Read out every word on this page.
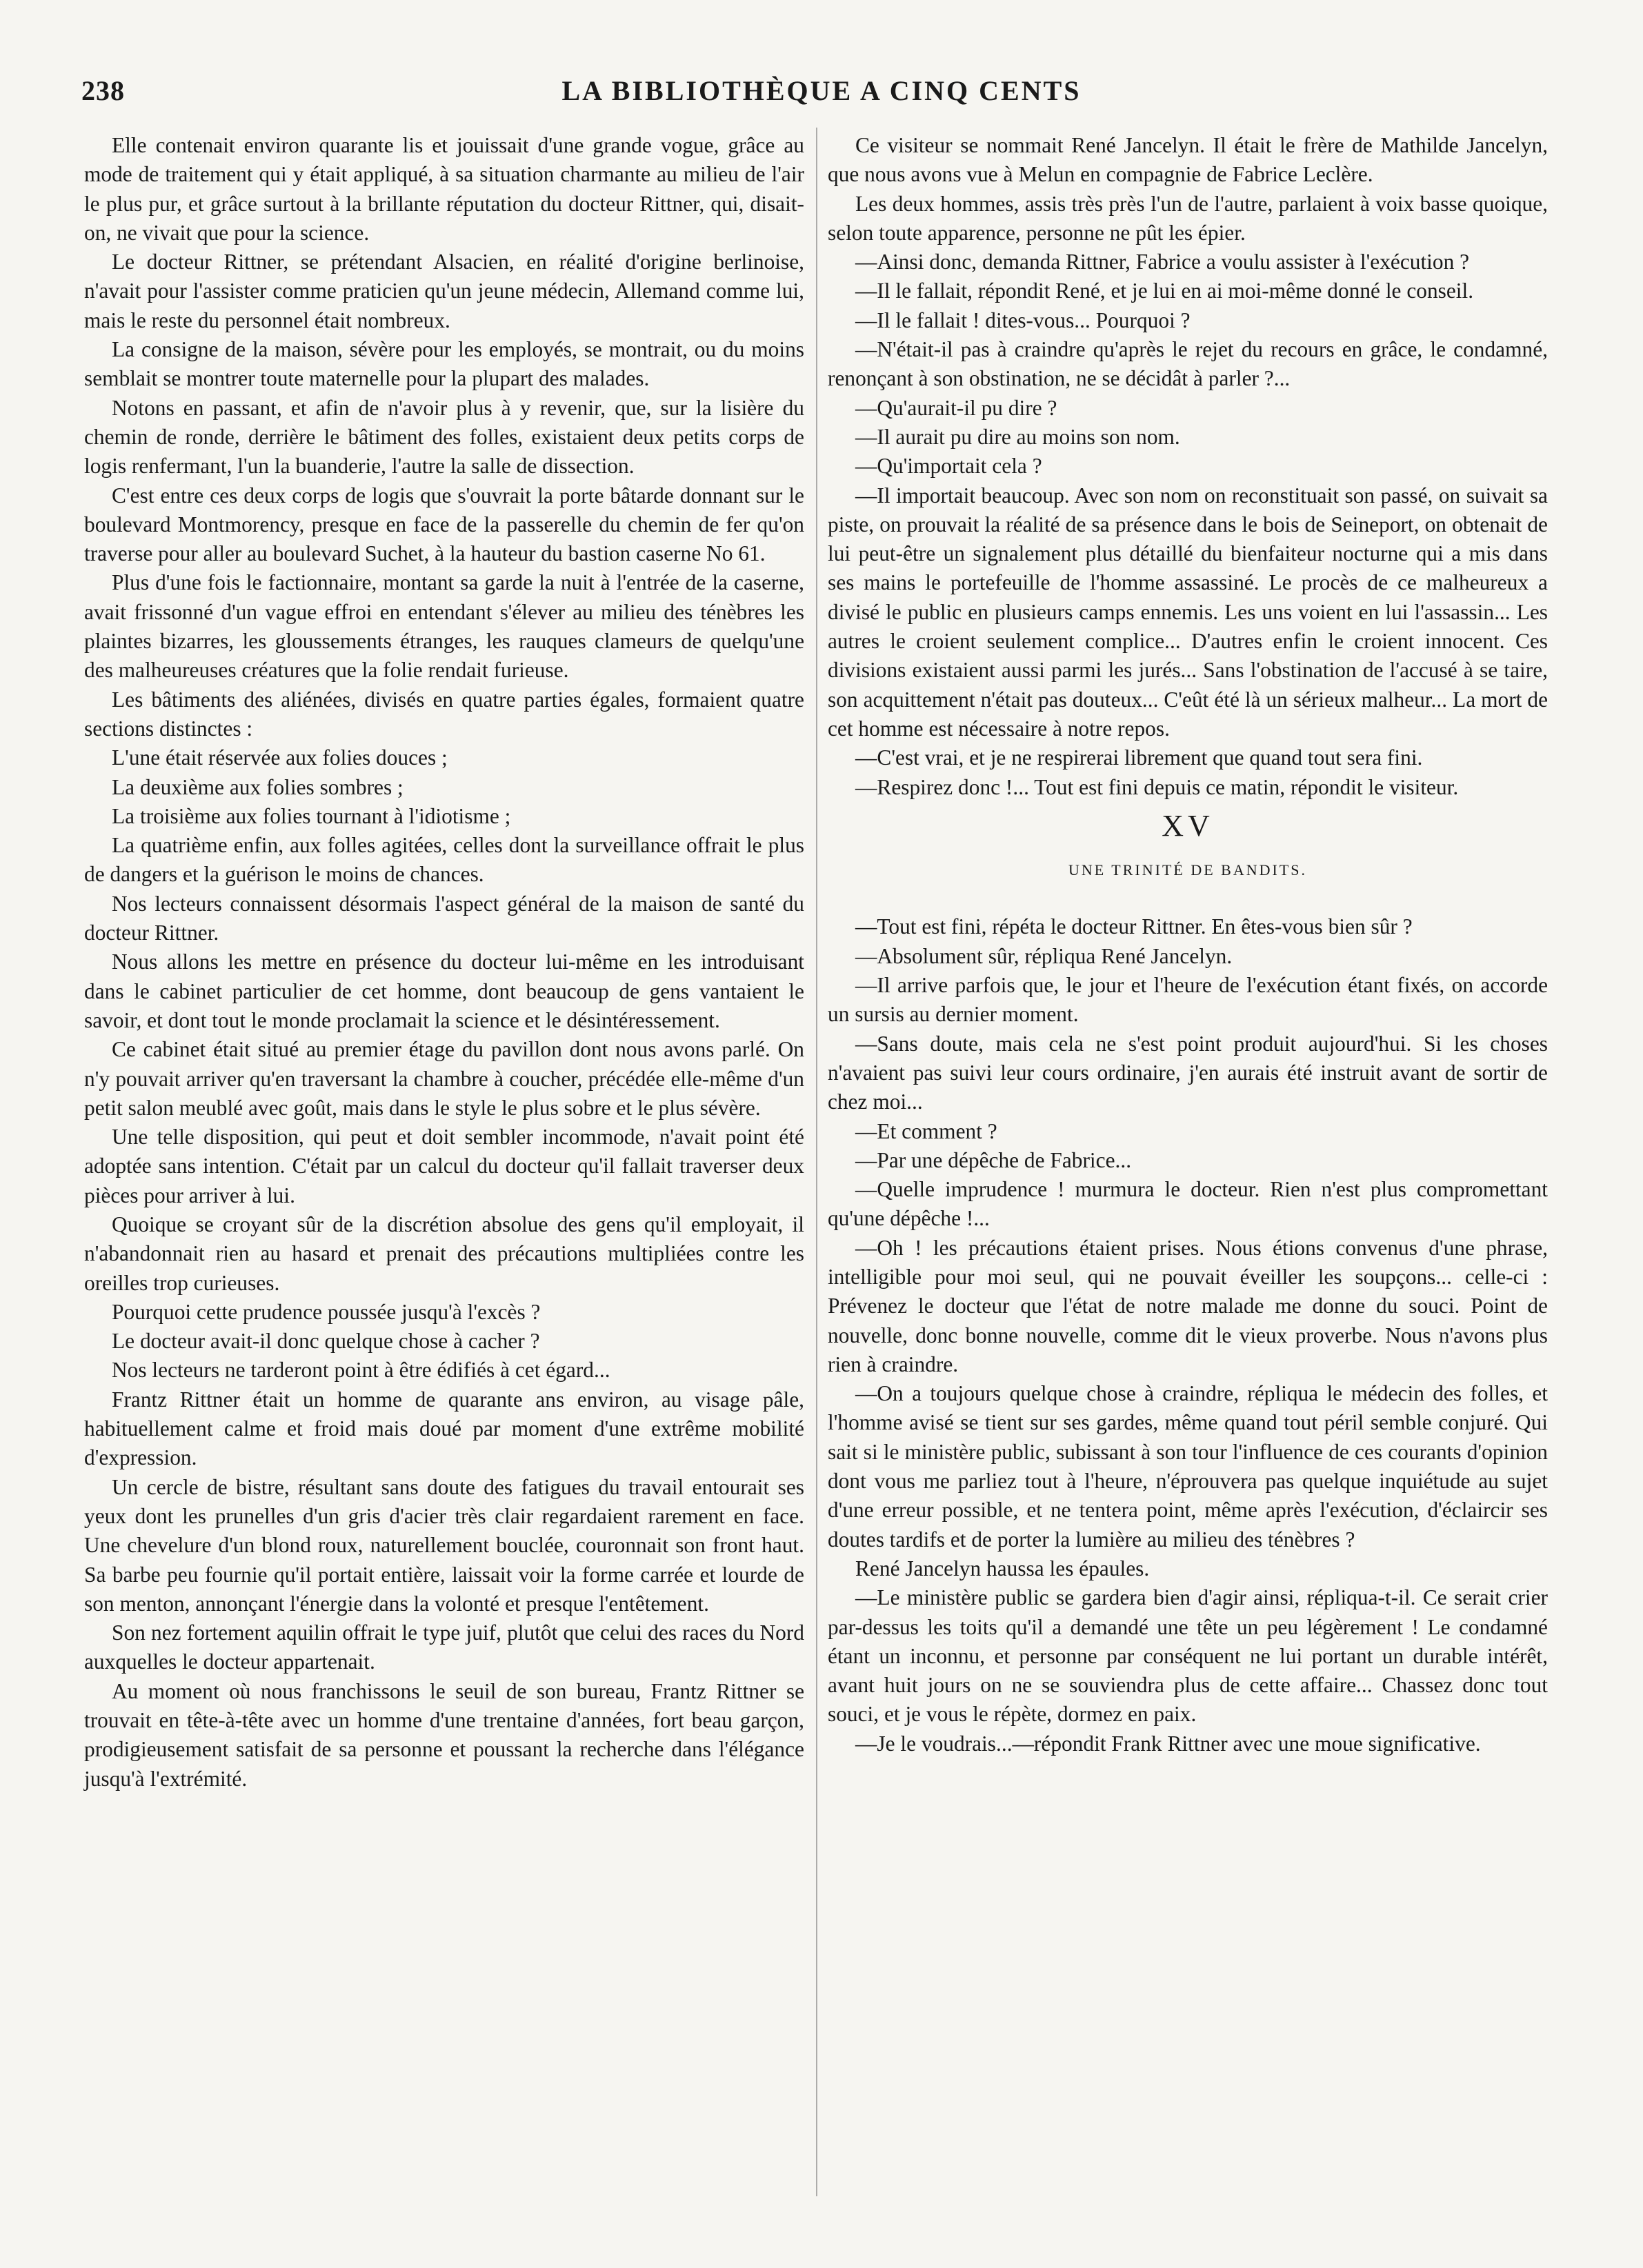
238	LA BIBLIOTHÈQUE A CINQ CENTS

Elle contenait environ quarante lis et jouissait d'une grande vogue, grâce au mode de traitement qui y était appliqué, à sa situation charmante au milieu de l'air le plus pur, et grâce surtout à la brillante réputation du docteur Rittner, qui, disait-on, ne vivait que pour la science.

Le docteur Rittner, se prétendant Alsacien, en réalité d'origine berlinoise, n'avait pour l'assister comme praticien qu'un jeune médecin, Allemand comme lui, mais le reste du personnel était nombreux.

La consigne de la maison, sévère pour les employés, se montrait, ou du moins semblait se montrer toute maternelle pour la plupart des malades.

Notons en passant, et afin de n'avoir plus à y revenir, que, sur la lisière du chemin de ronde, derrière le bâtiment des folles, existaient deux petits corps de logis renfermant, l'un la buanderie, l'autre la salle de dissection.

C'est entre ces deux corps de logis que s'ouvrait la porte bâtarde donnant sur le boulevard Montmorency, presque en face de la passerelle du chemin de fer qu'on traverse pour aller au boulevard Suchet, à la hauteur du bastion caserne No 61.

Plus d'une fois le factionnaire, montant sa garde la nuit à l'entrée de la caserne, avait frissonné d'un vague effroi en entendant s'élever au milieu des ténèbres les plaintes bizarres, les gloussements étranges, les rauques clameurs de quelqu'une des malheureuses créatures que la folie rendait furieuse.

Les bâtiments des aliénées, divisés en quatre parties égales, formaient quatre sections distinctes :

L'une était réservée aux folies douces ;

La deuxième aux folies sombres ;

La troisième aux folies tournant à l'idiotisme ;

La quatrième enfin, aux folles agitées, celles dont la surveillance offrait le plus de dangers et la guérison le moins de chances.

Nos lecteurs connaissent désormais l'aspect général de la maison de santé du docteur Rittner.

Nous allons les mettre en présence du docteur lui-même en les introduisant dans le cabinet particulier de cet homme, dont beaucoup de gens vantaient le savoir, et dont tout le monde proclamait la science et le désintéressement.

Ce cabinet était situé au premier étage du pavillon dont nous avons parlé. On n'y pouvait arriver qu'en traversant la chambre à coucher, précédée elle-même d'un petit salon meublé avec goût, mais dans le style le plus sobre et le plus sévère.

Une telle disposition, qui peut et doit sembler incommode, n'avait point été adoptée sans intention. C'était par un calcul du docteur qu'il fallait traverser deux pièces pour arriver à lui.

Quoique se croyant sûr de la discrétion absolue des gens qu'il employait, il n'abandonnait rien au hasard et prenait des précautions multipliées contre les oreilles trop curieuses.

Pourquoi cette prudence poussée jusqu'à l'excès ?

Le docteur avait-il donc quelque chose à cacher ?

Nos lecteurs ne tarderont point à être édifiés à cet égard...

Frantz Rittner était un homme de quarante ans environ, au visage pâle, habituellement calme et froid mais doué par moment d'une extrême mobilité d'expression.

Un cercle de bistre, résultant sans doute des fatigues du travail entourait ses yeux dont les prunelles d'un gris d'acier très clair regardaient rarement en face. Une chevelure d'un blond roux, naturellement bouclée, couronnait son front haut. Sa barbe peu fournie qu'il portait entière, laissait voir la forme carrée et lourde de son menton, annonçant l'énergie dans la volonté et presque l'entêtement.

Son nez fortement aquilin offrait le type juif, plutôt que celui des races du Nord auxquelles le docteur appartenait.

Au moment où nous franchissons le seuil de son bureau, Frantz Rittner se trouvait en tête-à-tête avec un homme d'une trentaine d'années, fort beau garçon, prodigieusement satisfait de sa personne et poussant la recherche dans l'élégance jusqu'à l'extrémité.

Ce visiteur se nommait René Jancelyn. Il était le frère de Mathilde Jancelyn, que nous avons vue à Melun en compagnie de Fabrice Leclère.

Les deux hommes, assis très près l'un de l'autre, parlaient à voix basse quoique, selon toute apparence, personne ne pût les épier.

—Ainsi donc, demanda Rittner, Fabrice a voulu assister à l'exécution ?

—Il le fallait, répondit René, et je lui en ai moi-même donné le conseil.

—Il le fallait ! dites-vous... Pourquoi ?

—N'était-il pas à craindre qu'après le rejet du recours en grâce, le condamné, renonçant à son obstination, ne se décidât à parler ?...

—Qu'aurait-il pu dire ?

—Il aurait pu dire au moins son nom.

—Qu'importait cela ?

—Il importait beaucoup. Avec son nom on reconstituait son passé, on suivait sa piste, on prouvait la réalité de sa présence dans le bois de Seineport, on obtenait de lui peut-être un signalement plus détaillé du bienfaiteur nocturne qui a mis dans ses mains le portefeuille de l'homme assassiné. Le procès de ce malheureux a divisé le public en plusieurs camps ennemis. Les uns voient en lui l'assassin... Les autres le croient seulement complice... D'autres enfin le croient innocent. Ces divisions existaient aussi parmi les jurés... Sans l'obstination de l'accusé à se taire, son acquittement n'était pas douteux... C'eût été là un sérieux malheur... La mort de cet homme est nécessaire à notre repos.

—C'est vrai, et je ne respirerai librement que quand tout sera fini.

—Respirez donc !... Tout est fini depuis ce matin, répondit le visiteur.

XV

UNE TRINITÉ DE BANDITS.

—Tout est fini, répéta le docteur Rittner. En êtes-vous bien sûr ?

—Absolument sûr, répliqua René Jancelyn.

—Il arrive parfois que, le jour et l'heure de l'exécution étant fixés, on accorde un sursis au dernier moment.

—Sans doute, mais cela ne s'est point produit aujourd'hui. Si les choses n'avaient pas suivi leur cours ordinaire, j'en aurais été instruit avant de sortir de chez moi...

—Et comment ?

—Par une dépêche de Fabrice...

—Quelle imprudence ! murmura le docteur. Rien n'est plus compromettant qu'une dépêche !...

—Oh ! les précautions étaient prises. Nous étions convenus d'une phrase, intelligible pour moi seul, qui ne pouvait éveiller les soupçons... celle-ci : Prévenez le docteur que l'état de notre malade me donne du souci. Point de nouvelle, donc bonne nouvelle, comme dit le vieux proverbe. Nous n'avons plus rien à craindre.

—On a toujours quelque chose à craindre, répliqua le médecin des folles, et l'homme avisé se tient sur ses gardes, même quand tout péril semble conjuré. Qui sait si le ministère public, subissant à son tour l'influence de ces courants d'opinion dont vous me parliez tout à l'heure, n'éprouvera pas quelque inquiétude au sujet d'une erreur possible, et ne tentera point, même après l'exécution, d'éclaircir ses doutes tardifs et de porter la lumière au milieu des ténèbres ?

René Jancelyn haussa les épaules.

—Le ministère public se gardera bien d'agir ainsi, répliqua-t-il. Ce serait crier par-dessus les toits qu'il a demandé une tête un peu légèrement ! Le condamné étant un inconnu, et personne par conséquent ne lui portant un durable intérêt, avant huit jours on ne se souviendra plus de cette affaire... Chassez donc tout souci, et je vous le répète, dormez en paix.

—Je le voudrais...—répondit Frank Rittner avec une moue significative.
